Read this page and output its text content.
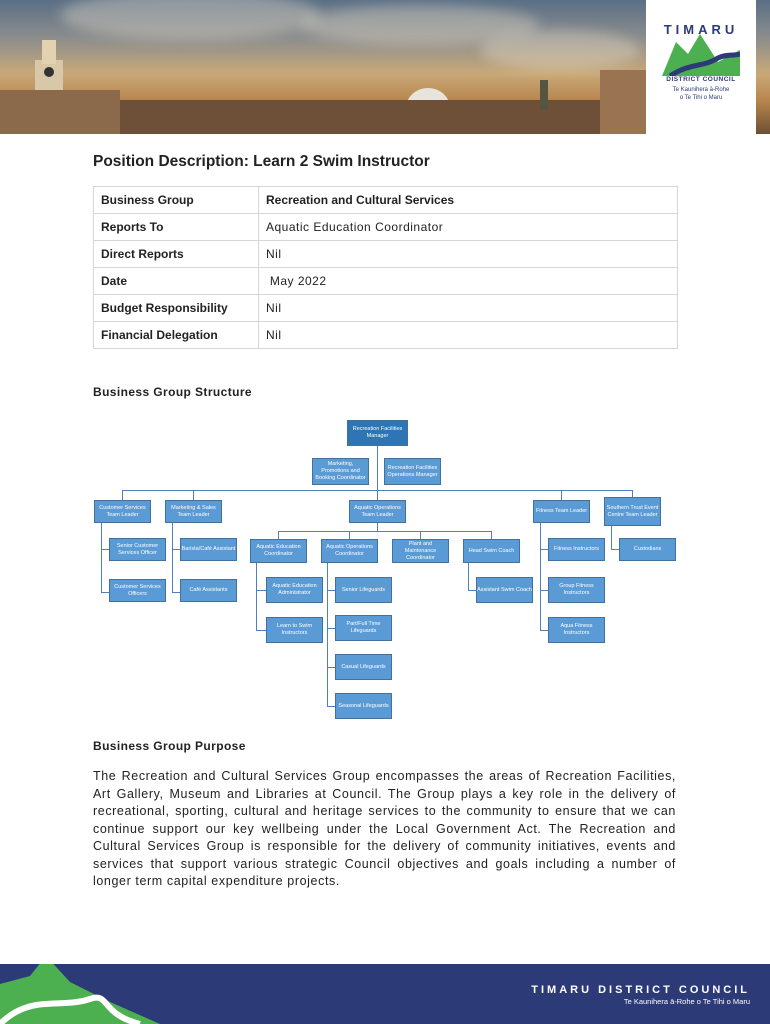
TIMARU
DISTRICT COUNCIL
Te Kaunihera ā-Rohe
o Te Tihi o Maru
Position Description: Learn 2 Swim Instructor
Business Group	Recreation and Cultural Services
Reports To	Aquatic Education Coordinator
Direct Reports	Nil
Date	May 2022
Budget Responsibility	Nil
Financial Delegation	Nil
Business Group Structure
Recreation Facilities Manager
Marketing, Promotions and Booking Coordinator
Recreation Facilities Operations Manager
Customer Services Team Leader
Marketing & Sales Team Leader
Aquatic Operations Team Leader
Fitness Team Leader
Southern Trust Event Centre Team Leader
Senior Customer Services Officer
Customer Services Officers
Barista/Café Assistant
Café Assistants
Aquatic Education Coordinator
Aquatic Operations Coordinator
Plant and Maintenance Coordinator
Head Swim Coach
Aquatic Education Administrator
Learn to Swim Instructors
Senior Lifeguards
Part/Full Time Lifeguards
Casual Lifeguards
Seasonal Lifeguards
Assistant Swim Coach
Fitness Instructors
Group Fitness Instructors
Aqua Fitness Instructors
Custodians
Business Group Purpose

The Recreation and Cultural Services Group encompasses the areas of Recreation Facilities, Art Gallery, Museum and Libraries at Council. The Group plays a key role in the delivery of recreational, sporting, cultural and heritage services to the community to ensure that we can continue support our key wellbeing under the Local Government Act. The Recreation and Cultural Services Group is responsible for the delivery of community initiatives, events and services that support various strategic Council objectives and goals including a number of longer term capital expenditure projects.

TIMARU DISTRICT COUNCIL
Te Kaunihera ā-Rohe o Te Tihi o Maru
